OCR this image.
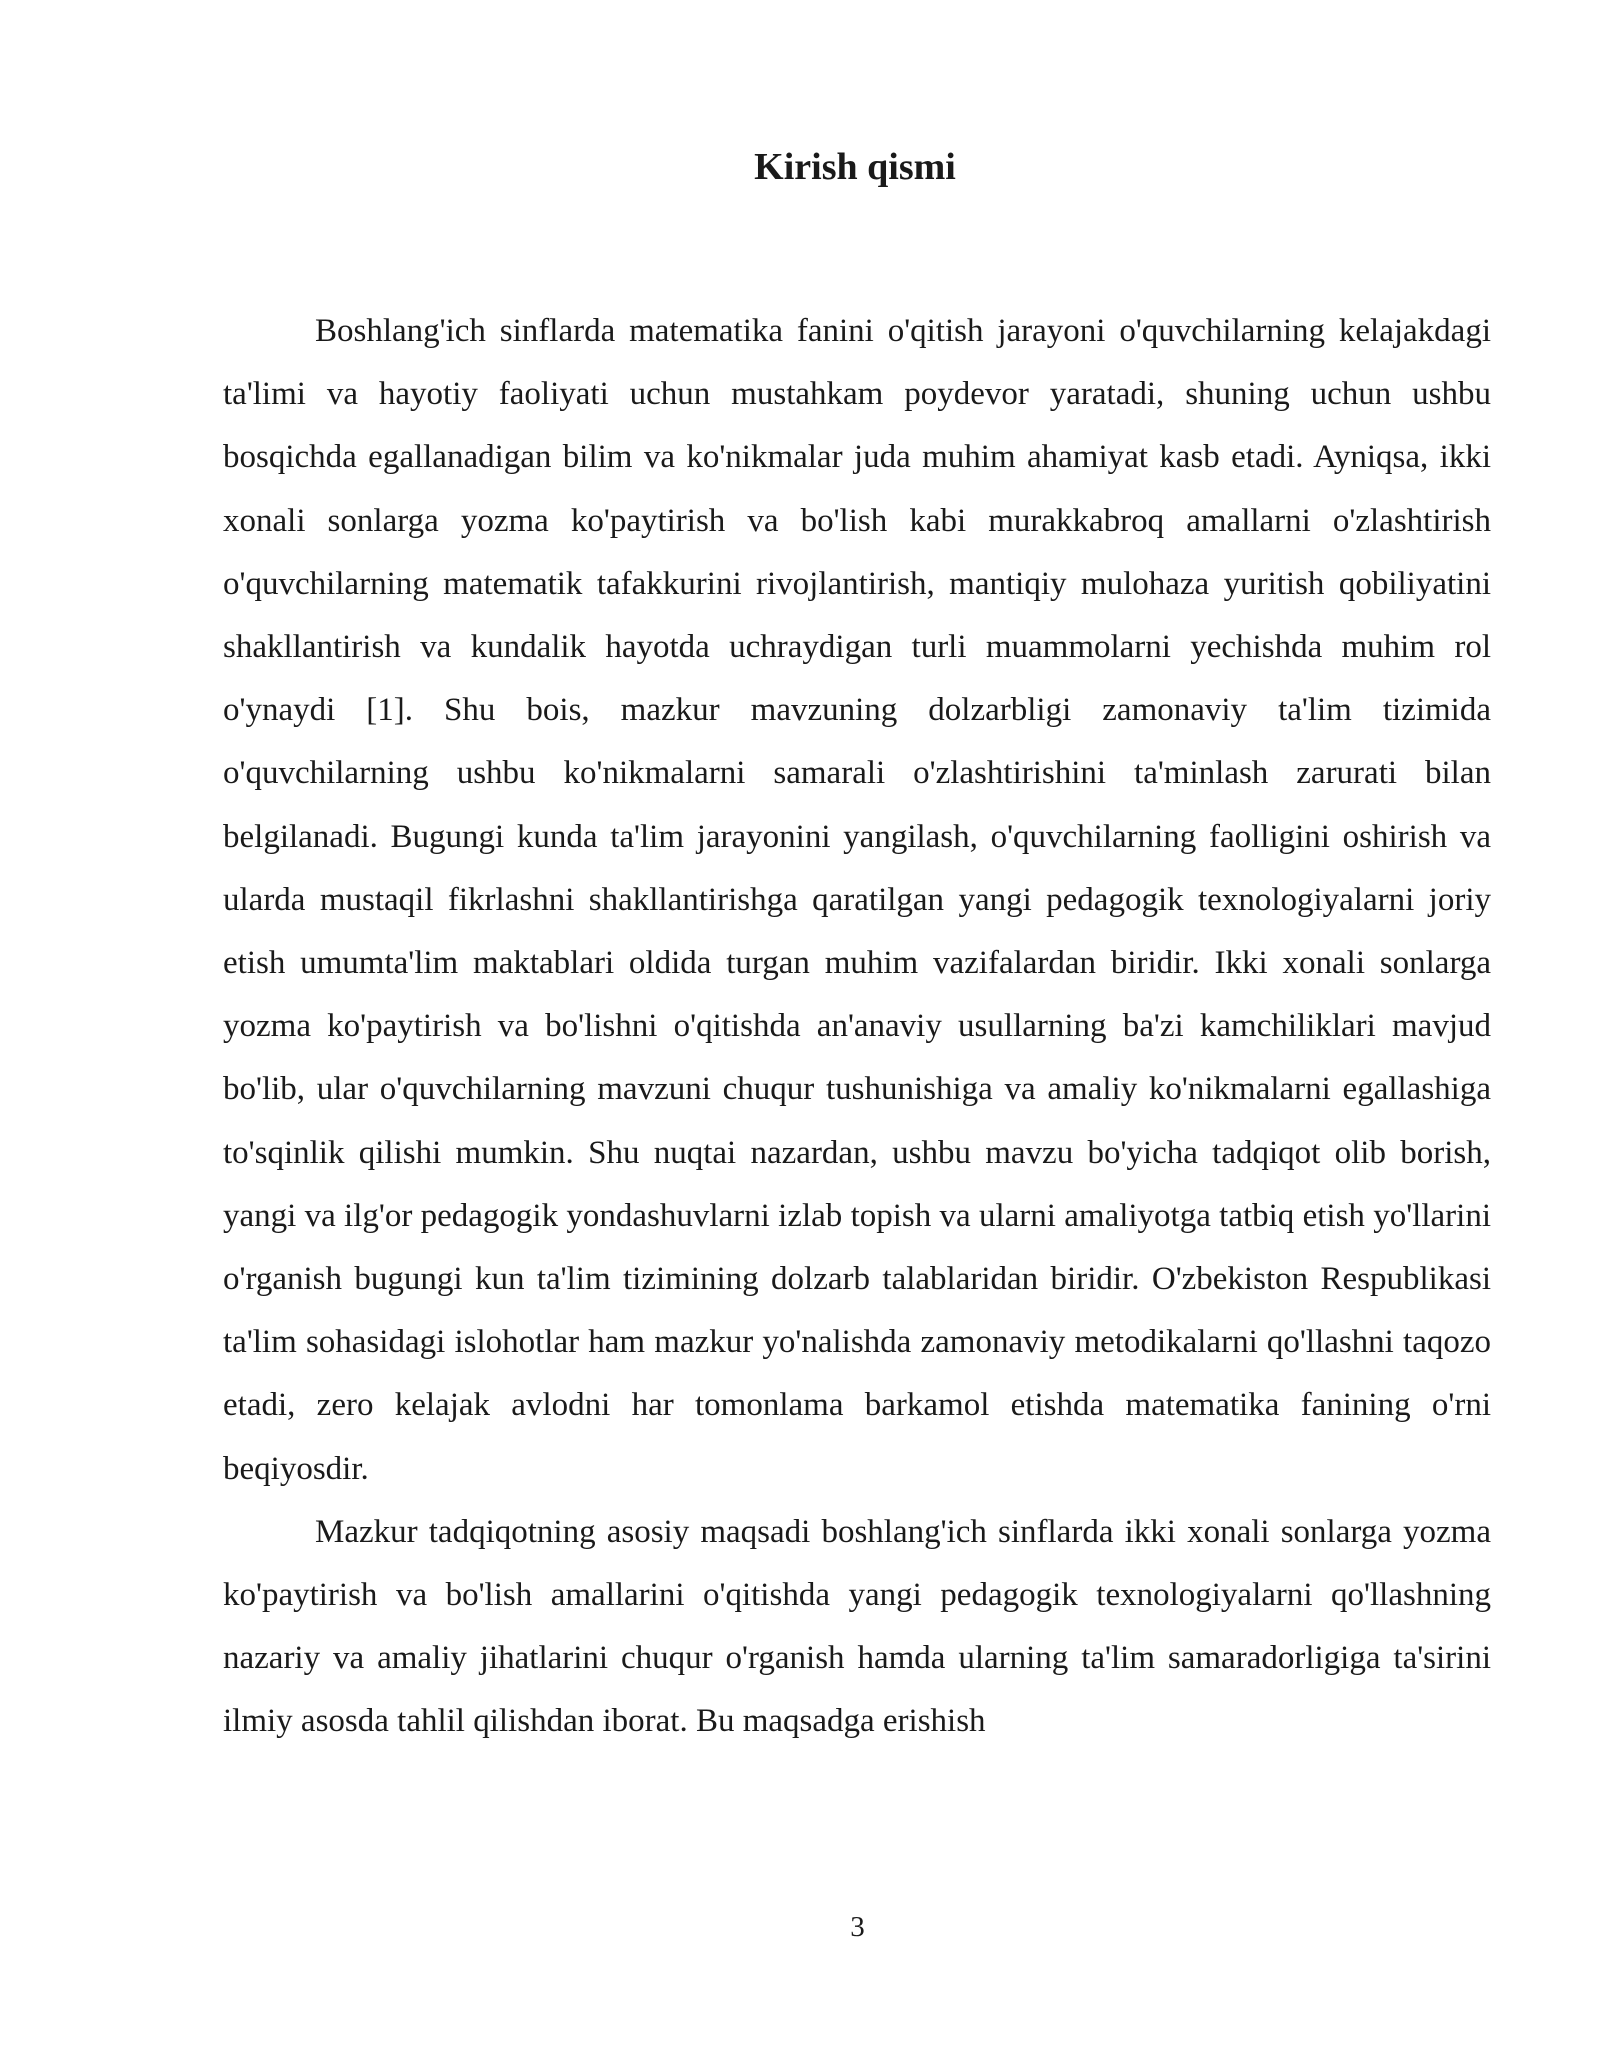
Kirish qismi

Boshlang'ich sinflarda matematika fanini o'qitish jarayoni o'quvchilarning kelajakdagi ta'limi va hayotiy faoliyati uchun mustahkam poydevor yaratadi, shuning uchun ushbu bosqichda egallanadigan bilim va ko'nikmalar juda muhim ahamiyat kasb etadi. Ayniqsa, ikki xonali sonlarga yozma ko'paytirish va bo'lish kabi murakkabroq amallarni o'zlashtirish o'quvchilarning matematik tafakkurini rivojlantirish, mantiqiy mulohaza yuritish qobiliyatini shakllantirish va kundalik hayotda uchraydigan turli muammolarni yechishda muhim rol o'ynaydi [1]. Shu bois, mazkur mavzuning dolzarbligi zamonaviy ta'lim tizimida o'quvchilarning ushbu ko'nikmalarni samarali o'zlashtirishini ta'minlash zarurati bilan belgilanadi. Bugungi kunda ta'lim jarayonini yangilash, o'quvchilarning faolligini oshirish va ularda mustaqil fikrlashni shakllantirishga qaratilgan yangi pedagogik texnologiyalarni joriy etish umumta'lim maktablari oldida turgan muhim vazifalardan biridir. Ikki xonali sonlarga yozma ko'paytirish va bo'lishni o'qitishda an'anaviy usullarning ba'zi kamchiliklari mavjud bo'lib, ular o'quvchilarning mavzuni chuqur tushunishiga va amaliy ko'nikmalarni egallashiga to'sqinlik qilishi mumkin. Shu nuqtai nazardan, ushbu mavzu bo'yicha tadqiqot olib borish, yangi va ilg'or pedagogik yondashuvlarni izlab topish va ularni amaliyotga tatbiq etish yo'llarini o'rganish bugungi kun ta'lim tizimining dolzarb talablaridan biridir. O'zbekiston Respublikasi ta'lim sohasidagi islohotlar ham mazkur yo'nalishda zamonaviy metodikalarni qo'llashni taqozo etadi, zero kelajak avlodni har tomonlama barkamol etishda matematika fanining o'rni beqiyosdir.

Mazkur tadqiqotning asosiy maqsadi boshlang'ich sinflarda ikki xonali sonlarga yozma ko'paytirish va bo'lish amallarini o'qitishda yangi pedagogik texnologiyalarni qo'llashning nazariy va amaliy jihatlarini chuqur o'rganish hamda ularning ta'lim samaradorligiga ta'sirini ilmiy asosda tahlil qilishdan iborat. Bu maqsadga erishish

3
